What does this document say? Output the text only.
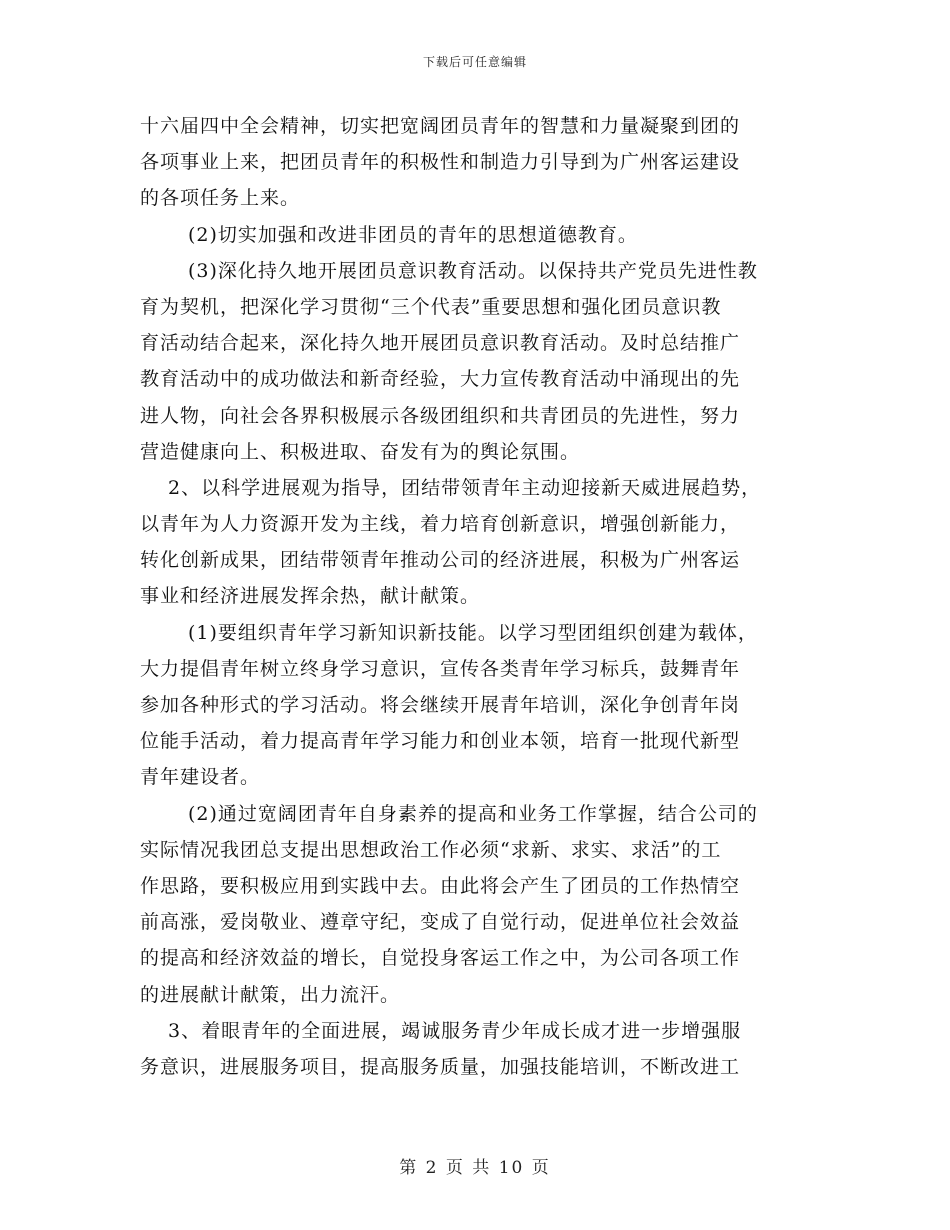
下载后可任意编辑
十六届四中全会精神，切实把宽阔团员青年的智慧和力量凝聚到团的
各项事业上来，把团员青年的积极性和制造力引导到为广州客运建设
的各项任务上来。
(2)切实加强和改进非团员的青年的思想道德教育。
(3)深化持久地开展团员意识教育活动。以保持共产党员先进性教
育为契机，把深化学习贯彻“三个代表”重要思想和强化团员意识教
育活动结合起来，深化持久地开展团员意识教育活动。及时总结推广
教育活动中的成功做法和新奇经验，大力宣传教育活动中涌现出的先
进人物，向社会各界积极展示各级团组织和共青团员的先进性，努力
营造健康向上、积极进取、奋发有为的舆论氛围。
2、以科学进展观为指导，团结带领青年主动迎接新天威进展趋势，
以青年为人力资源开发为主线，着力培育创新意识，增强创新能力，
转化创新成果，团结带领青年推动公司的经济进展，积极为广州客运
事业和经济进展发挥余热，献计献策。
(1)要组织青年学习新知识新技能。以学习型团组织创建为载体，
大力提倡青年树立终身学习意识，宣传各类青年学习标兵，鼓舞青年
参加各种形式的学习活动。将会继续开展青年培训，深化争创青年岗
位能手活动，着力提高青年学习能力和创业本领，培育一批现代新型
青年建设者。
(2)通过宽阔团青年自身素养的提高和业务工作掌握，结合公司的
实际情况我团总支提出思想政治工作必须“求新、求实、求活”的工
作思路，要积极应用到实践中去。由此将会产生了团员的工作热情空
前高涨，爱岗敬业、遵章守纪，变成了自觉行动，促进单位社会效益
的提高和经济效益的增长，自觉投身客运工作之中，为公司各项工作
的进展献计献策，出力流汗。
3、着眼青年的全面进展，竭诚服务青少年成长成才进一步增强服
务意识，进展服务项目，提高服务质量，加强技能培训，不断改进工
第 2 页 共 10 页
